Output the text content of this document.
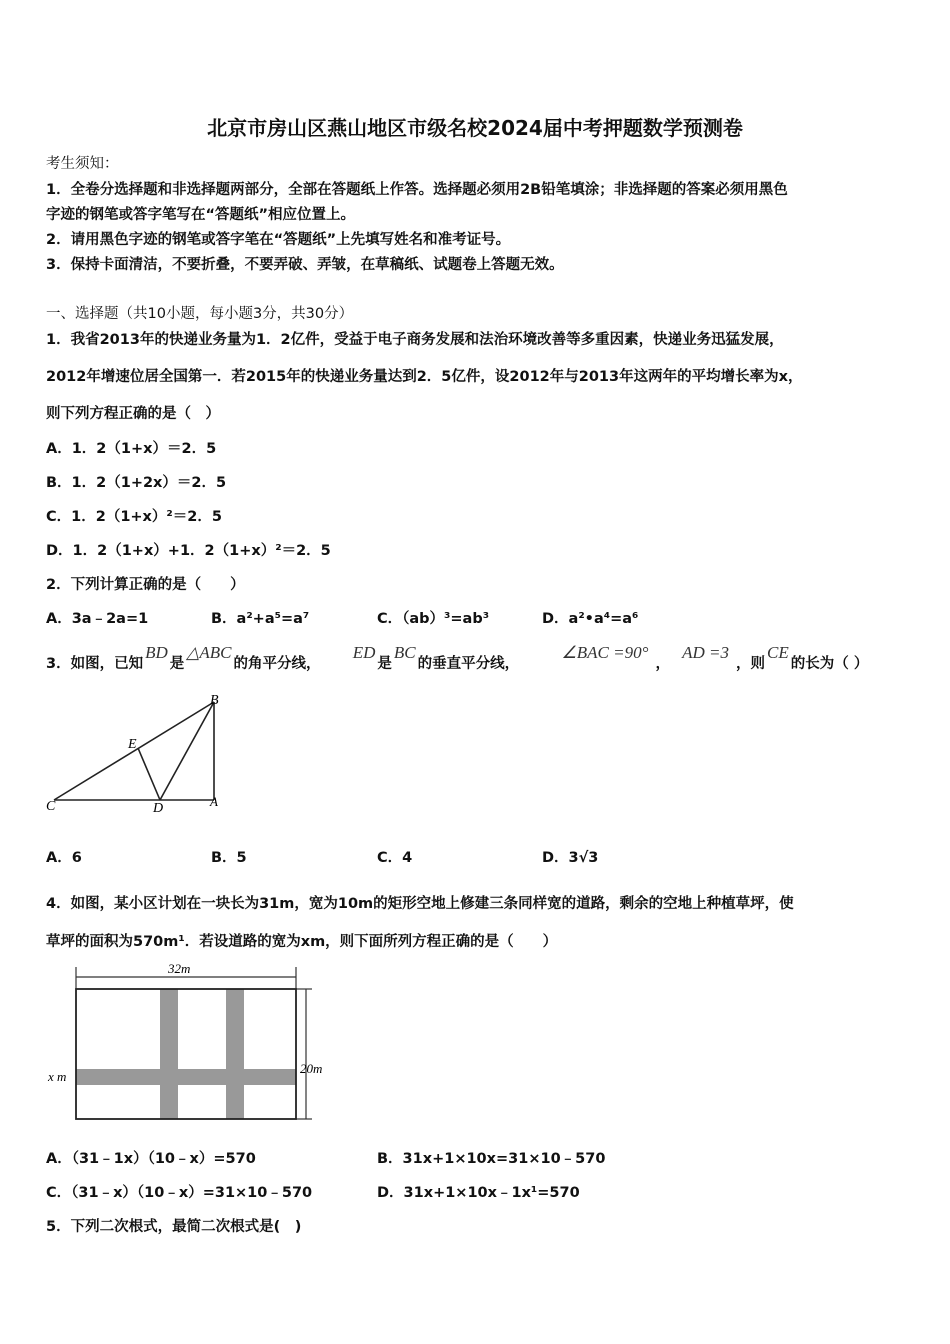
北京市房山区燕山地区市级名校2024届中考押题数学预测卷
考生须知：
1．全卷分选择题和非选择题两部分，全部在答题纸上作答。选择题必须用2B铅笔填涂；非选择题的答案必须用黑色
字迹的钢笔或答字笔写在“答题纸”相应位置上。
2．请用黑色字迹的钢笔或答字笔在“答题纸”上先填写姓名和准考证号。
3．保持卡面清洁，不要折叠，不要弄破、弄皱，在草稿纸、试题卷上答题无效。
一、选择题（共10小题，每小题3分，共30分）
1．我省2013年的快递业务量为1．2亿件，受益于电子商务发展和法治环境改善等多重因素，快递业务迅猛发展，
2012年增速位居全国第一．若2015年的快递业务量达到2．5亿件，设2012年与2013年这两年的平均增长率为x，
则下列方程正确的是（　）
A．1．2（1+x）＝2．5
B．1．2（1+2x）＝2．5
C．1．2（1+x）²＝2．5
D．1．2（1+x）+1．2（1+x）²＝2．5
2．下列计算正确的是（　　）
A．3a﹣2a=1	B．a²+a⁵=a⁷	C．（ab）³=ab³	D．a²•a⁴=a⁶
3．如图，已知BD是△ABC的角平分线，      ED是BC的垂直平分线，        ∠BAC =90° ，  AD =3 ，则CE的长为（ ）
B
E
C	D	A
A．6	B．5	C．4	D．3√3
4．如图，某小区计划在一块长为31m，宽为10m的矩形空地上修建三条同样宽的道路，剩余的空地上种植草坪，使
草坪的面积为570m¹．若设道路的宽为xm，则下面所列方程正确的是（　　）
32m
20m
x m
A．（31﹣1x）（10﹣x）=570	B．31x+1×10x=31×10﹣570
C．（31﹣x）（10﹣x）=31×10﹣570	D．31x+1×10x﹣1x¹=570
5．下列二次根式，最简二次根式是(　)
